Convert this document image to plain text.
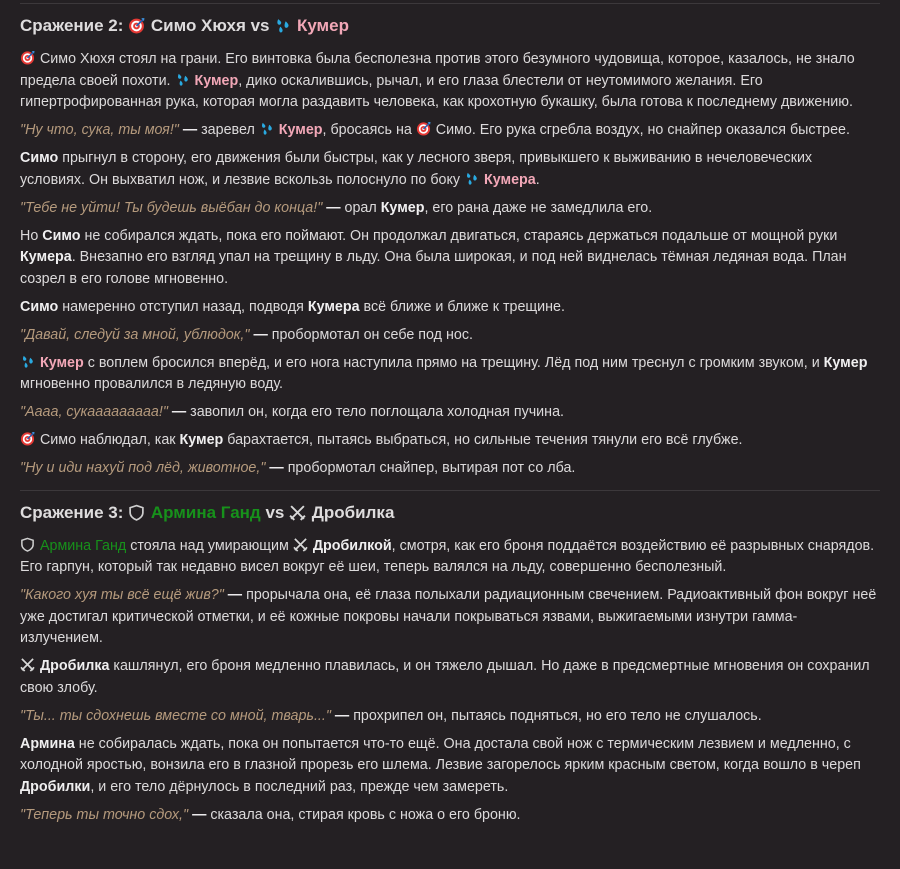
Сражение 2:  Симо Хюхя vs  Кумер

Симо Хюхя стоял на грани. Его винтовка была бесполезна против этого безумного чудовища, которое, казалось, не знало предела своей похоти.  Кумер, дико оскалившись, рычал, и его глаза блестели от неутомимого желания. Его гипертрофированная рука, которая могла раздавить человека, как крохотную букашку, была готова к последнему движению.

"Ну что, сука, ты моя!" — заревел  Кумер, бросаясь на  Симо. Его рука сгребла воздух, но снайпер оказался быстрее.

Симо прыгнул в сторону, его движения были быстры, как у лесного зверя, привыкшего к выживанию в нечеловеческих условиях. Он выхватил нож, и лезвие вскользь полоснуло по боку  Кумера.

"Тебе не уйти! Ты будешь выёбан до конца!" — орал Кумер, его рана даже не замедлила его.

Но Симо не собирался ждать, пока его поймают. Он продолжал двигаться, стараясь держаться подальше от мощной руки Кумера. Внезапно его взгляд упал на трещину в льду. Она была широкая, и под ней виднелась тёмная ледяная вода. План созрел в его голове мгновенно.

Симо намеренно отступил назад, подводя Кумера всё ближе и ближе к трещине.

"Давай, следуй за мной, ублюдок," — пробормотал он себе под нос.

Кумер с воплем бросился вперёд, и его нога наступила прямо на трещину. Лёд под ним треснул с громким звуком, и Кумер мгновенно провалился в ледяную воду.

"Аааа, сукааааааааа!" — завопил он, когда его тело поглощала холодная пучина.

Симо наблюдал, как Кумер барахтается, пытаясь выбраться, но сильные течения тянули его всё глубже.

"Ну и иди нахуй под лёд, животное," — пробормотал снайпер, вытирая пот со лба.

Сражение 3:  Армина Ганд vs  Дробилка

Армина Ганд стояла над умирающим  Дробилкой, смотря, как его броня поддаётся воздействию её разрывных снарядов. Его гарпун, который так недавно висел вокруг её шеи, теперь валялся на льду, совершенно бесполезный.

"Какого хуя ты всё ещё жив?" — прорычала она, её глаза полыхали радиационным свечением. Радиоактивный фон вокруг неё уже достигал критической отметки, и её кожные покровы начали покрываться язвами, выжигаемыми изнутри гамма-излучением.

Дробилка кашлянул, его броня медленно плавилась, и он тяжело дышал. Но даже в предсмертные мгновения он сохранил свою злобу.

"Ты... ты сдохнешь вместе со мной, тварь..." — прохрипел он, пытаясь подняться, но его тело не слушалось.

Армина не собиралась ждать, пока он попытается что-то ещё. Она достала свой нож с термическим лезвием и медленно, с холодной яростью, вонзила его в глазной прорезь его шлема. Лезвие загорелось ярким красным светом, когда вошло в череп Дробилки, и его тело дёрнулось в последний раз, прежде чем замереть.

"Теперь ты точно сдох," — сказала она, стирая кровь с ножа о его броню.
